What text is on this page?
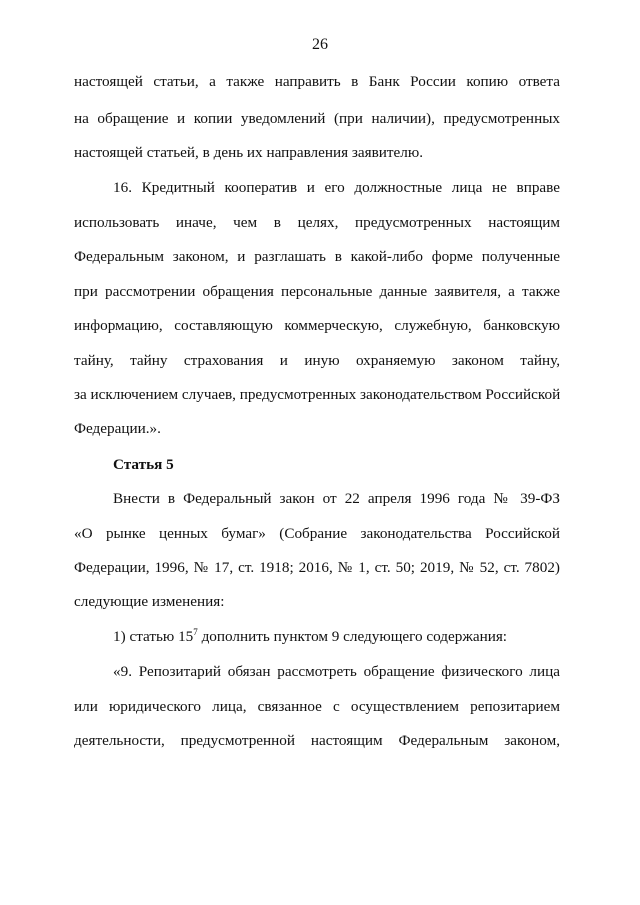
26
настоящей статьи, а также направить в Банк России копию ответа
на обращение и копии уведомлений (при наличии), предусмотренных
настоящей статьей, в день их направления заявителю.
16. Кредитный кооператив и его должностные лица не вправе
использовать иначе, чем в целях, предусмотренных настоящим
Федеральным законом, и разглашать в какой-либо форме полученные
при рассмотрении обращения персональные данные заявителя, а также
информацию, составляющую коммерческую, служебную, банковскую
тайну, тайну страхования и иную охраняемую законом тайну,
за исключением случаев, предусмотренных законодательством Российской
Федерации.».
Статья 5
Внести в Федеральный закон от 22 апреля 1996 года № 39-ФЗ
«О рынке ценных бумаг» (Собрание законодательства Российской
Федерации, 1996, № 17, ст. 1918; 2016, № 1, ст. 50; 2019, № 52, ст. 7802)
следующие изменения:
1) статью $15^7$ дополнить пунктом 9 следующего содержания:
«9. Репозитарий обязан рассмотреть обращение физического лица
или юридического лица, связанное с осуществлением репозитарием
деятельности, предусмотренной настоящим Федеральным законом,
